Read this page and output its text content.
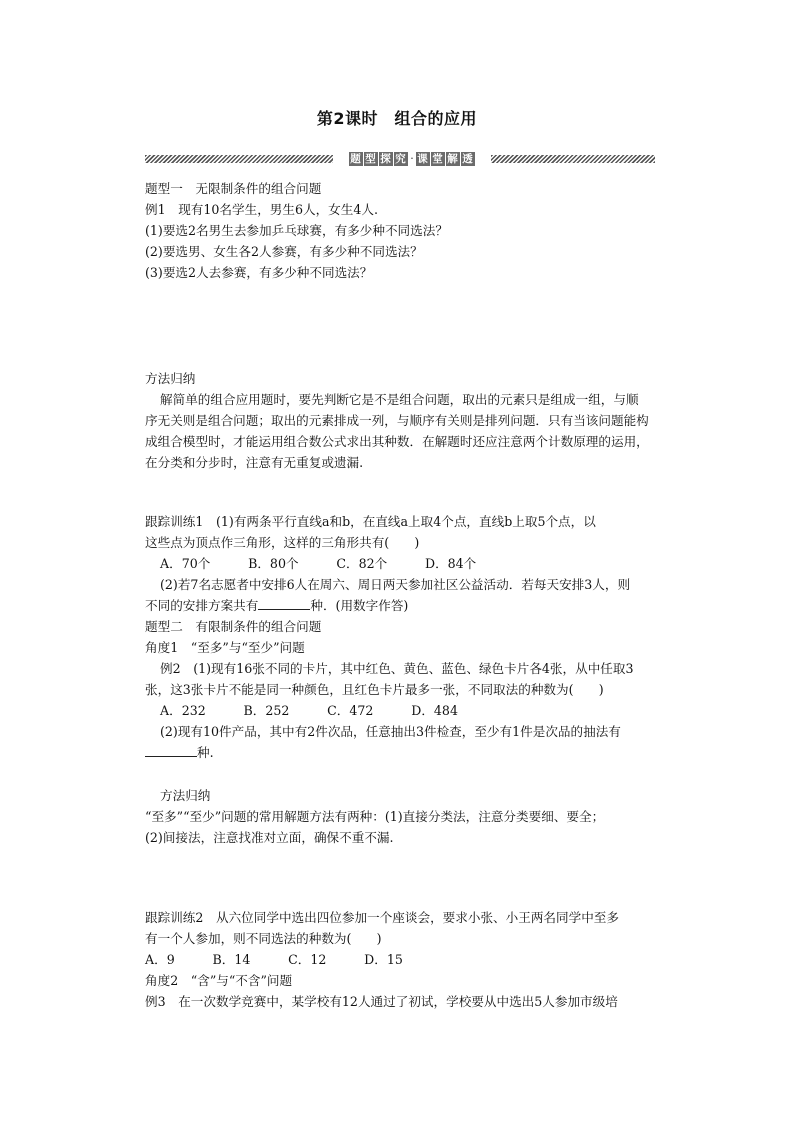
第2课时　组合的应用
题 型 探 究 · 课 堂 解 透
题型一　无限制条件的组合问题
例1　现有10名学生，男生6人，女生4人.
(1)要选2名男生去参加乒乓球赛，有多少种不同选法？
(2)要选男、女生各2人参赛，有多少种不同选法？
(3)要选2人去参赛，有多少种不同选法？
方法归纳
解简单的组合应用题时，要先判断它是不是组合问题，取出的元素只是组成一组，与顺
序无关则是组合问题；取出的元素排成一列，与顺序有关则是排列问题．只有当该问题能构
成组合模型时，才能运用组合数公式求出其种数．在解题时还应注意两个计数原理的运用，
在分类和分步时，注意有无重复或遗漏.
跟踪训练1　(1)有两条平行直线a和b，在直线a上取4个点，直线b上取5个点，以
这些点为顶点作三角形，这样的三角形共有(　　)
A．70个　　　B．80个　　　C．82个　　　D．84个
(2)若7名志愿者中安排6人在周六、周日两天参加社区公益活动．若每天安排3人，则
不同的安排方案共有	种．(用数字作答)
题型二　有限制条件的组合问题
角度1　“至多”与“至少”问题
例2　(1)现有16张不同的卡片，其中红色、黄色、蓝色、绿色卡片各4张，从中任取3
张，这3张卡片不能是同一种颜色，且红色卡片最多一张，不同取法的种数为(　　)
A．232　　　B．252　　　C．472　　　D．484
(2)现有10件产品，其中有2件次品，任意抽出3件检查，至少有1件是次品的抽法有
种.
方法归纳
“至多”“至少”问题的常用解题方法有两种：(1)直接分类法，注意分类要细、要全；
(2)间接法，注意找准对立面，确保不重不漏.
跟踪训练2　从六位同学中选出四位参加一个座谈会，要求小张、小王两名同学中至多
有一个人参加，则不同选法的种数为(　　)
A．9　　　B．14　　　C．12　　　D．15
角度2　“含”与“不含”问题
例3　在一次数学竞赛中，某学校有12人通过了初试，学校要从中选出5人参加市级培
